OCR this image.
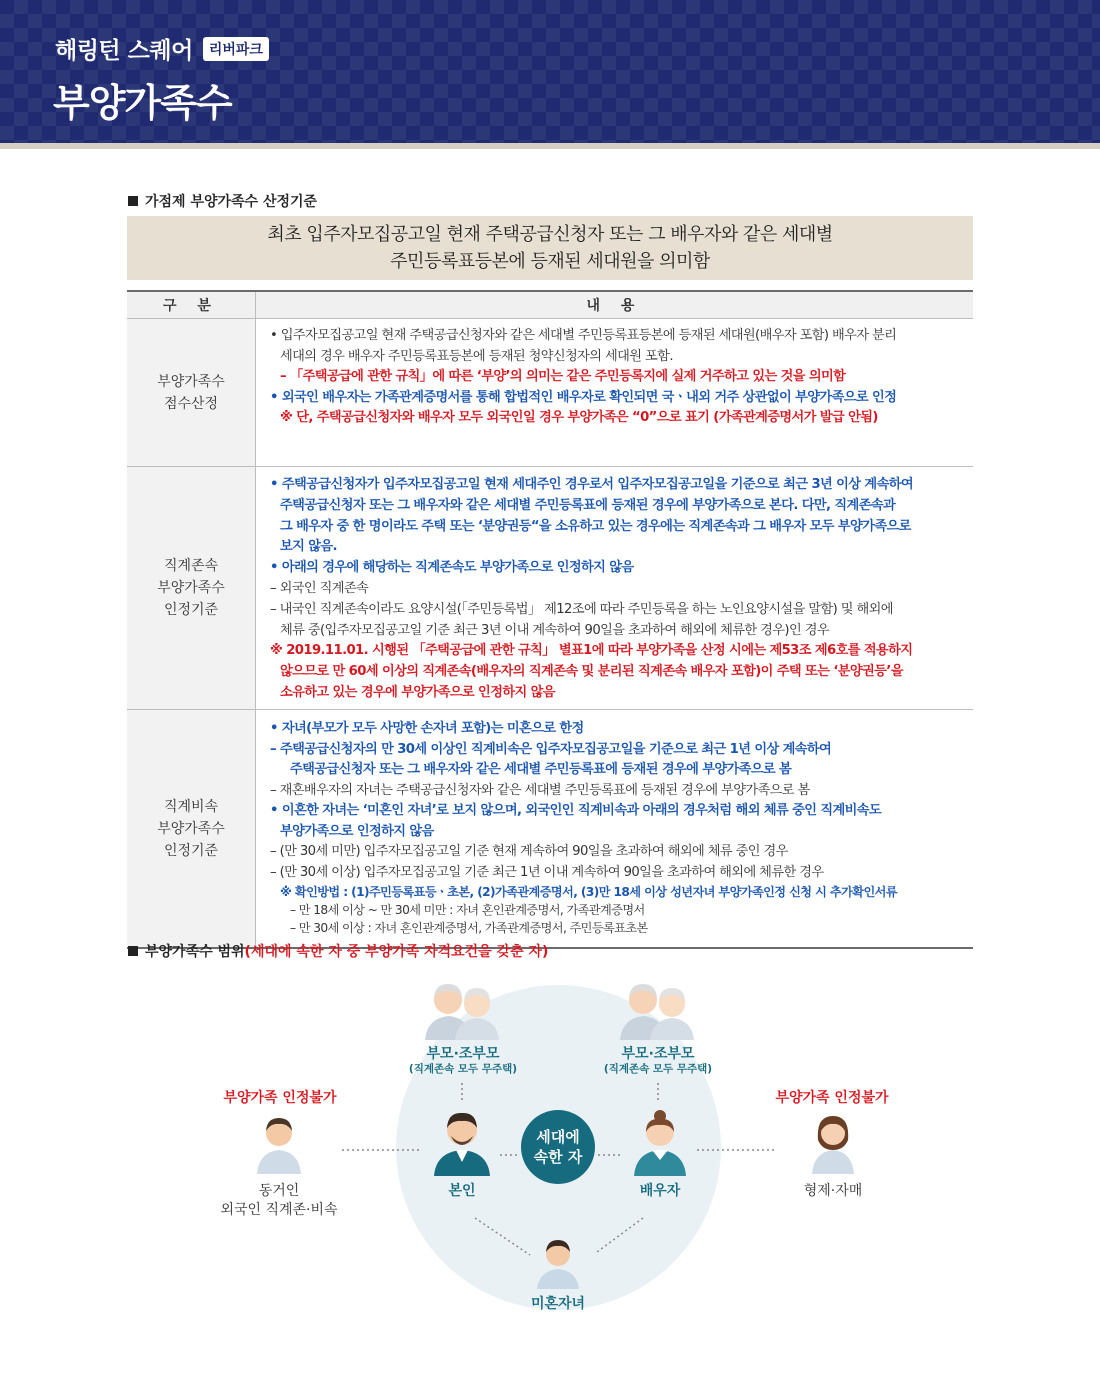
해링턴 스퀘어	리버파크
부양가족수
가점제 부양가족수 산정기준
최초 입주자모집공고일 현재 주택공급신청자 또는 그 배우자와 같은 세대별
주민등록표등본에 등재된 세대원을 의미함
구 분	내 용
부양가족수
점수산정
• 입주자모집공고일 현재 주택공급신청자와 같은 세대별 주민등록표등본에 등재된 세대원(배우자 포함) 배우자 분리
세대의 경우 배우자 주민등록표등본에 등재된 청약신청자의 세대원 포함.
– 「주택공급에 관한 규칙」에 따른 ‘부양’의 의미는 같은 주민등록지에 실제 거주하고 있는 것을 의미함
• 외국인 배우자는 가족관계증명서를 통해 합법적인 배우자로 확인되면 국ㆍ내외 거주 상관없이 부양가족으로 인정
※ 단, 주택공급신청자와 배우자 모두 외국인일 경우 부양가족은 “0”으로 표기 (가족관계증명서가 발급 안됨)
직계존속
부양가족수
인정기준
• 주택공급신청자가 입주자모집공고일 현재 세대주인 경우로서 입주자모집공고일을 기준으로 최근 3년 이상 계속하여
주택공급신청자 또는 그 배우자와 같은 세대별 주민등록표에 등재된 경우에 부양가족으로 본다. 다만, 직계존속과
그 배우자 중 한 명이라도 주택 또는 ‘분양권등“을 소유하고 있는 경우에는 직계존속과 그 배우자 모두 부양가족으로
보지 않음.
• 아래의 경우에 해당하는 직계존속도 부양가족으로 인정하지 않음
– 외국인 직계존속
– 내국인 직계존속이라도 요양시설(「주민등록법」 제12조에 따라 주민등록을 하는 노인요양시설을 말함) 및 해외에
체류 중(입주자모집공고일 기준 최근 3년 이내 계속하여 90일을 초과하여 해외에 체류한 경우)인 경우
※ 2019.11.01. 시행된 「주택공급에 관한 규칙」 별표1에 따라 부양가족을 산정 시에는 제53조 제6호를 적용하지
않으므로 만 60세 이상의 직계존속(배우자의 직계존속 및 분리된 직계존속 배우자 포함)이 주택 또는 ‘분양권등’을
소유하고 있는 경우에 부양가족으로 인정하지 않음
직계비속
부양가족수
인정기준
• 자녀(부모가 모두 사망한 손자녀 포함)는 미혼으로 한정
– 주택공급신청자의 만 30세 이상인 직계비속은 입주자모집공고일을 기준으로 최근 1년 이상 계속하여
주택공급신청자 또는 그 배우자와 같은 세대별 주민등록표에 등재된 경우에 부양가족으로 봄
– 재혼배우자의 자녀는 주택공급신청자와 같은 세대별 주민등록표에 등재된 경우에 부양가족으로 봄
• 이혼한 자녀는 ‘미혼인 자녀’로 보지 않으며, 외국인인 직계비속과 아래의 경우처럼 해외 체류 중인 직계비속도
부양가족으로 인정하지 않음
– (만 30세 미만) 입주자모집공고일 기준 현재 계속하여 90일을 초과하여 해외에 체류 중인 경우
– (만 30세 이상) 입주자모집공고일 기준 최근 1년 이내 계속하여 90일을 초과하여 해외에 체류한 경우
※ 확인방법 : (1)주민등록표등ㆍ초본, (2)가족관계증명서, (3)만 18세 이상 성년자녀 부양가족인정 신청 시 추가확인서류
– 만 18세 이상 ~ 만 30세 미만 : 자녀 혼인관계증명서, 가족관계증명서
– 만 30세 이상 : 자녀 혼인관계증명서, 가족관계증명서, 주민등록표초본
부양가족수 범위 (세대에 속한 자 중 부양가족 자격요건을 갖춘 자)
부모·조부모
(직계존속 모두 무주택)
부모·조부모
(직계존속 모두 무주택)
본인
세대에
속한 자
배우자
미혼자녀
부양가족 인정불가
동거인
외국인 직계존·비속
부양가족 인정불가
형제·자매
